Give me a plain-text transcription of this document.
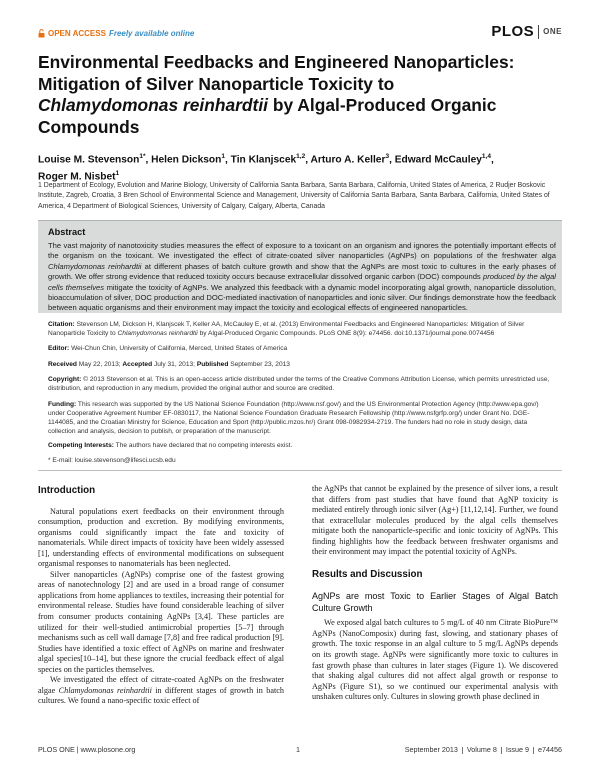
OPEN ACCESS Freely available online	PLOS ONE
Environmental Feedbacks and Engineered Nanoparticles:
Mitigation of Silver Nanoparticle Toxicity to
Chlamydomonas reinhardtii by Algal-Produced Organic
Compounds
Louise M. Stevenson$^{1*}$, Helen Dickson$^1$, Tin Klanjscek$^{1,2}$, Arturo A. Keller$^3$, Edward McCauley$^{1,4}$,
Roger M. Nisbet$^1$
1 Department of Ecology, Evolution and Marine Biology, University of California Santa Barbara, Santa Barbara, California, United States of America, 2 Rudjer Boskovic Institute, Zagreb, Croatia, 3 Bren School of Environmental Science and Management, University of California Santa Barbara, Santa Barbara, California, United States of America, 4 Department of Biological Sciences, University of Calgary, Calgary, Alberta, Canada
Abstract
The vast majority of nanotoxicity studies measures the effect of exposure to a toxicant on an organism and ignores the potentially important effects of the organism on the toxicant. We investigated the effect of citrate-coated silver nanoparticles (AgNPs) on populations of the freshwater alga Chlamydomonas reinhardtii at different phases of batch culture growth and show that the AgNPs are most toxic to cultures in the early phases of growth. We offer strong evidence that reduced toxicity occurs because extracellular dissolved organic carbon (DOC) compounds produced by the algal cells themselves mitigate the toxicity of AgNPs. We analyzed this feedback with a dynamic model incorporating algal growth, nanoparticle dissolution, bioaccumulation of silver, DOC production and DOC-mediated inactivation of nanoparticles and ionic silver. Our findings demonstrate how the feedback between aquatic organisms and their environment may impact the toxicity and ecological effects of engineered nanoparticles.
Citation: Stevenson LM, Dickson H, Klanjscek T, Keller AA, McCauley E, et al. (2013) Environmental Feedbacks and Engineered Nanoparticles: Mitigation of Silver Nanoparticle Toxicity to Chlamydomonas reinhardtii by Algal-Produced Organic Compounds. PLoS ONE 8(9): e74456. doi:10.1371/journal.pone.0074456
Editor: Wei-Chun Chin, University of California, Merced, United States of America
Received May 22, 2013; Accepted July 31, 2013; Published September 23, 2013
Copyright: © 2013 Stevenson et al. This is an open-access article distributed under the terms of the Creative Commons Attribution License, which permits unrestricted use, distribution, and reproduction in any medium, provided the original author and source are credited.
Funding: This research was supported by the US National Science Foundation (http://www.nsf.gov/) and the US Environmental Protection Agency (http://www.epa.gov/) under Cooperative Agreement Number EF-0830117, the National Science Foundation Graduate Research Fellowship (http://www.nsfgrfp.org/) under Grant No. DGE- 1144085, and the Croatian Ministry for Science, Education and Sport (http://public.mzos.hr/) Grant 098-0982934-2719. The funders had no role in study design, data collection and analysis, decision to publish, or preparation of the manuscript.
Competing Interests: The authors have declared that no competing interests exist.
* E-mail: louise.stevenson@lifesci.ucsb.edu
Introduction

Natural populations exert feedbacks on their environment through consumption, production and excretion. By modifying environments, organisms could significantly impact the fate and toxicity of nanomaterials. While direct impacts of toxicity have been widely assessed [1], understanding effects of environmental modifications on subsequent organismal responses to nanomaterials has been neglected.

Silver nanoparticles (AgNPs) comprise one of the fastest growing areas of nanotechnology [2] and are used in a broad range of consumer applications from home appliances to textiles, increasing their potential for environmental release. Studies have found considerable leaching of silver from consumer products containing AgNPs [3,4]. These particles are utilized for their well-studied antimicrobial properties [5–7] through mechanisms such as cell wall damage [7,8] and free radical production [9]. Studies have identified a toxic effect of AgNPs on marine and freshwater algal species[10–14], but these ignore the crucial feedback effect of algal species on the particles themselves.

We investigated the effect of citrate-coated AgNPs on the freshwater algae Chlamydomonas reinhardtii in different stages of growth in batch cultures. We found a nano-specific toxic effect of

the AgNPs that cannot be explained by the presence of silver ions, a result that differs from past studies that have found that AgNP toxicity is mediated entirely through ionic silver (Ag+) [11,12,14]. Further, we found that extracellular molecules produced by the algal cells themselves mitigate both the nanoparticle-specific and ionic toxicity of AgNPs. This finding highlights how the feedback between freshwater organisms and their environment may impact the potential toxicity of AgNPs.

Results and Discussion
AgNPs are most Toxic to Earlier Stages of Algal Batch Culture Growth

We exposed algal batch cultures to 5 mg/L of 40 nm Citrate BioPure™ AgNPs (NanoComposix) during fast, slowing, and stationary phases of growth. The toxic response in an algal culture to 5 mg/L AgNPs depends on its growth stage. AgNPs were significantly more toxic to cultures in fast growth phase than cultures in later stages (Figure 1). We discovered that shaking algal cultures did not affect algal growth or response to AgNPs (Figure S1), so we continued our experimental analysis with unshaken cultures only. Cultures in slowing growth phase declined in

PLOS ONE | www.plosone.org	1	September 2013 Volume 8 Issue 9 e74456
